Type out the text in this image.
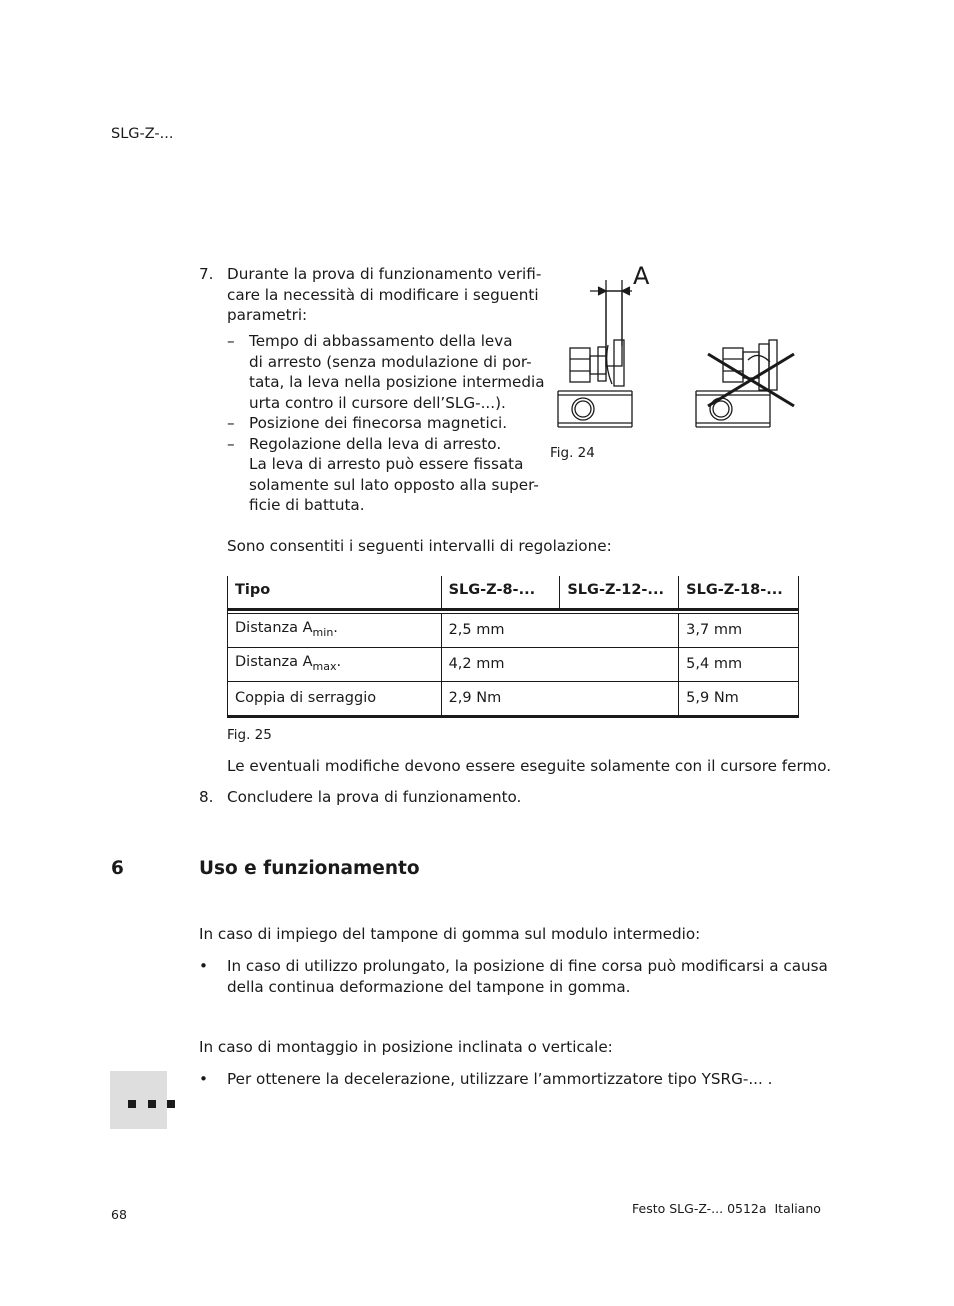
SLG-Z-...
7. Durante la prova di funzionamento verifi-
care la necessità di modificare i seguenti
parametri:
– Tempo di abbassamento della leva
di arresto (senza modulazione di por-
tata, la leva nella posizione intermedia
urta contro il cursore dell’SLG-...).
– Posizione dei finecorsa magnetici.
– Regolazione della leva di arresto.
La leva di arresto può essere fissata
solamente sul lato opposto alla super-
ficie di battuta.
A
Fig. 24
Sono consentiti i seguenti intervalli di regolazione:
Tipo	SLG-Z-8-...	SLG-Z-12-...	SLG-Z-18-...

Distanza $A_{min}$.	2,5 mm		3,7 mm
Distanza $A_{max}$.	4,2 mm		5,4 mm
Coppia di serraggio	2,9 Nm		5,9 Nm
Fig. 25
Le eventuali modifiche devono essere eseguite solamente con il cursore fermo.
8. Concludere la prova di funzionamento.
6	Uso e funzionamento
In caso di impiego del tampone di gomma sul modulo intermedio:
• In caso di utilizzo prolungato, la posizione di fine corsa può modificarsi a causa
della continua deformazione del tampone in gomma.
In caso di montaggio in posizione inclinata o verticale:
• Per ottenere la decelerazione, utilizzare l’ammortizzatore tipo YSRG-... .
68	Festo SLG-Z-... 0512a  Italiano
